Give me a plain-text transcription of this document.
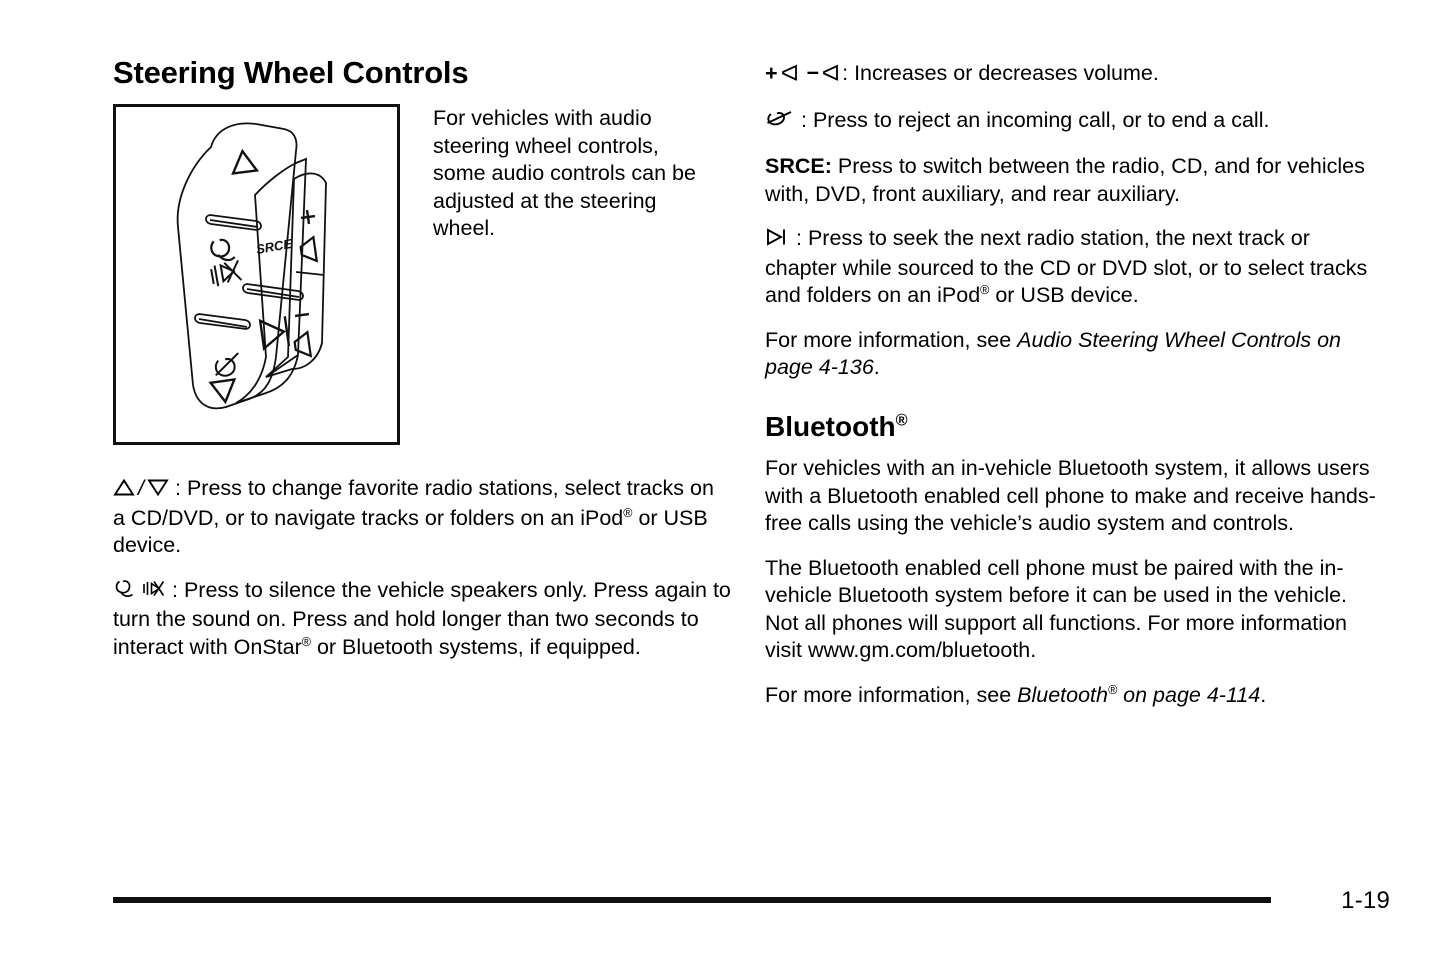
Steering Wheel Controls
SRCE
For vehicles with audio steering wheel controls, some audio controls can be adjusted at the steering wheel.

/ : Press to change favorite radio stations, select tracks on a CD/DVD, or to navigate tracks or folders on an iPod® or USB device.

: Press to silence the vehicle speakers only. Press again to turn the sound on. Press and hold longer than two seconds to interact with OnStar® or Bluetooth systems, if equipped.

+ − : Increases or decreases volume.

: Press to reject an incoming call, or to end a call.

SRCE: Press to switch between the radio, CD, and for vehicles with, DVD, front auxiliary, and rear auxiliary.

: Press to seek the next radio station, the next track or chapter while sourced to the CD or DVD slot, or to select tracks and folders on an iPod® or USB device.

For more information, see Audio Steering Wheel Controls on page 4-136.

Bluetooth®

For vehicles with an in-vehicle Bluetooth system, it allows users with a Bluetooth enabled cell phone to make and receive hands-free calls using the vehicle’s audio system and controls.

The Bluetooth enabled cell phone must be paired with the in-vehicle Bluetooth system before it can be used in the vehicle. Not all phones will support all functions. For more information visit www.gm.com/bluetooth.

For more information, see Bluetooth® on page 4-114.

1-19
